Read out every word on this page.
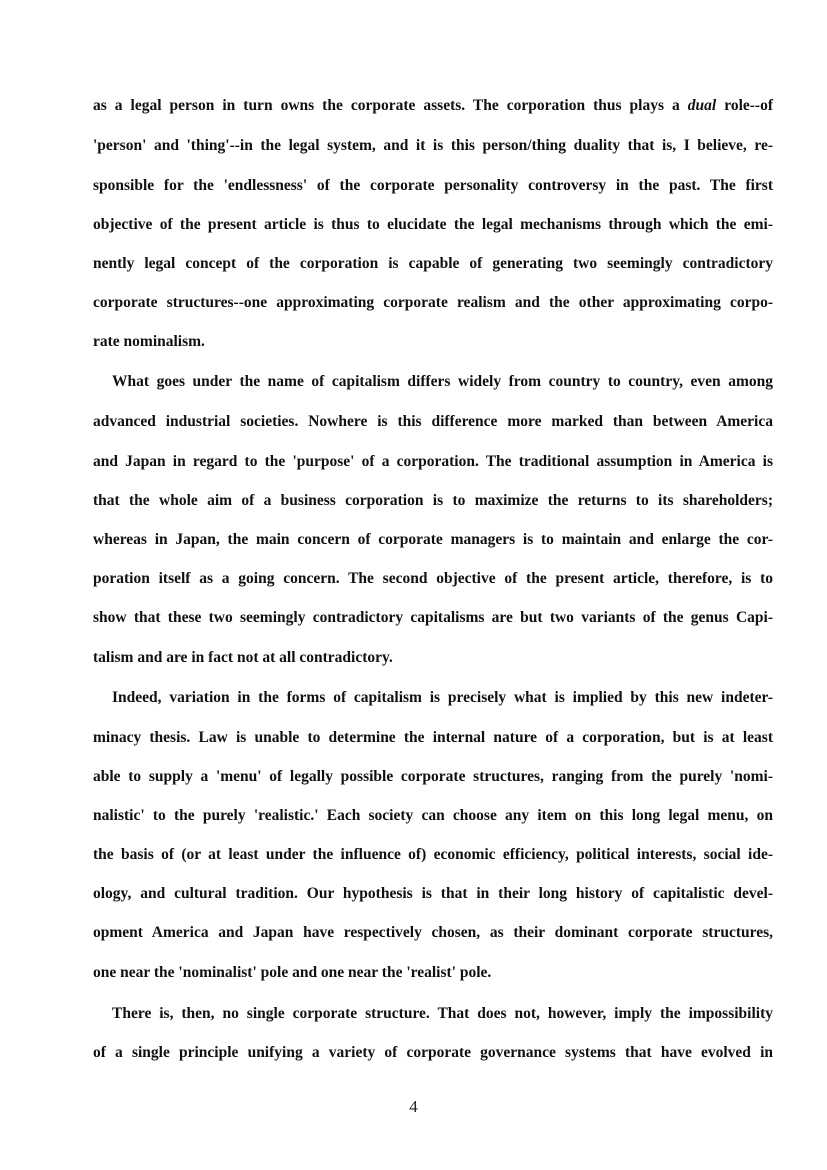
as a legal person in turn owns the corporate assets. The corporation thus plays a dual role--of
'person' and 'thing'--in the legal system, and it is this person/thing duality that is, I believe, re-
sponsible for the 'endlessness' of the corporate personality controversy in the past. The first
objective of the present article is thus to elucidate the legal mechanisms through which the emi-
nently legal concept of the corporation is capable of generating two seemingly contradictory
corporate structures--one approximating corporate realism and the other approximating corpo-
rate nominalism.
What goes under the name of capitalism differs widely from country to country, even among
advanced industrial societies. Nowhere is this difference more marked than between America
and Japan in regard to the 'purpose' of a corporation. The traditional assumption in America is
that the whole aim of a business corporation is to maximize the returns to its shareholders;
whereas in Japan, the main concern of corporate managers is to maintain and enlarge the cor-
poration itself as a going concern. The second objective of the present article, therefore, is to
show that these two seemingly contradictory capitalisms are but two variants of the genus Capi-
talism and are in fact not at all contradictory.
Indeed, variation in the forms of capitalism is precisely what is implied by this new indeter-
minacy thesis. Law is unable to determine the internal nature of a corporation, but is at least
able to supply a 'menu' of legally possible corporate structures, ranging from the purely 'nomi-
nalistic' to the purely 'realistic.' Each society can choose any item on this long legal menu, on
the basis of (or at least under the influence of) economic efficiency, political interests, social ide-
ology, and cultural tradition. Our hypothesis is that in their long history of capitalistic devel-
opment America and Japan have respectively chosen, as their dominant corporate structures,
one near the 'nominalist' pole and one near the 'realist' pole.
There is, then, no single corporate structure. That does not, however, imply the impossibility
of a single principle unifying a variety of corporate governance systems that have evolved in
4
